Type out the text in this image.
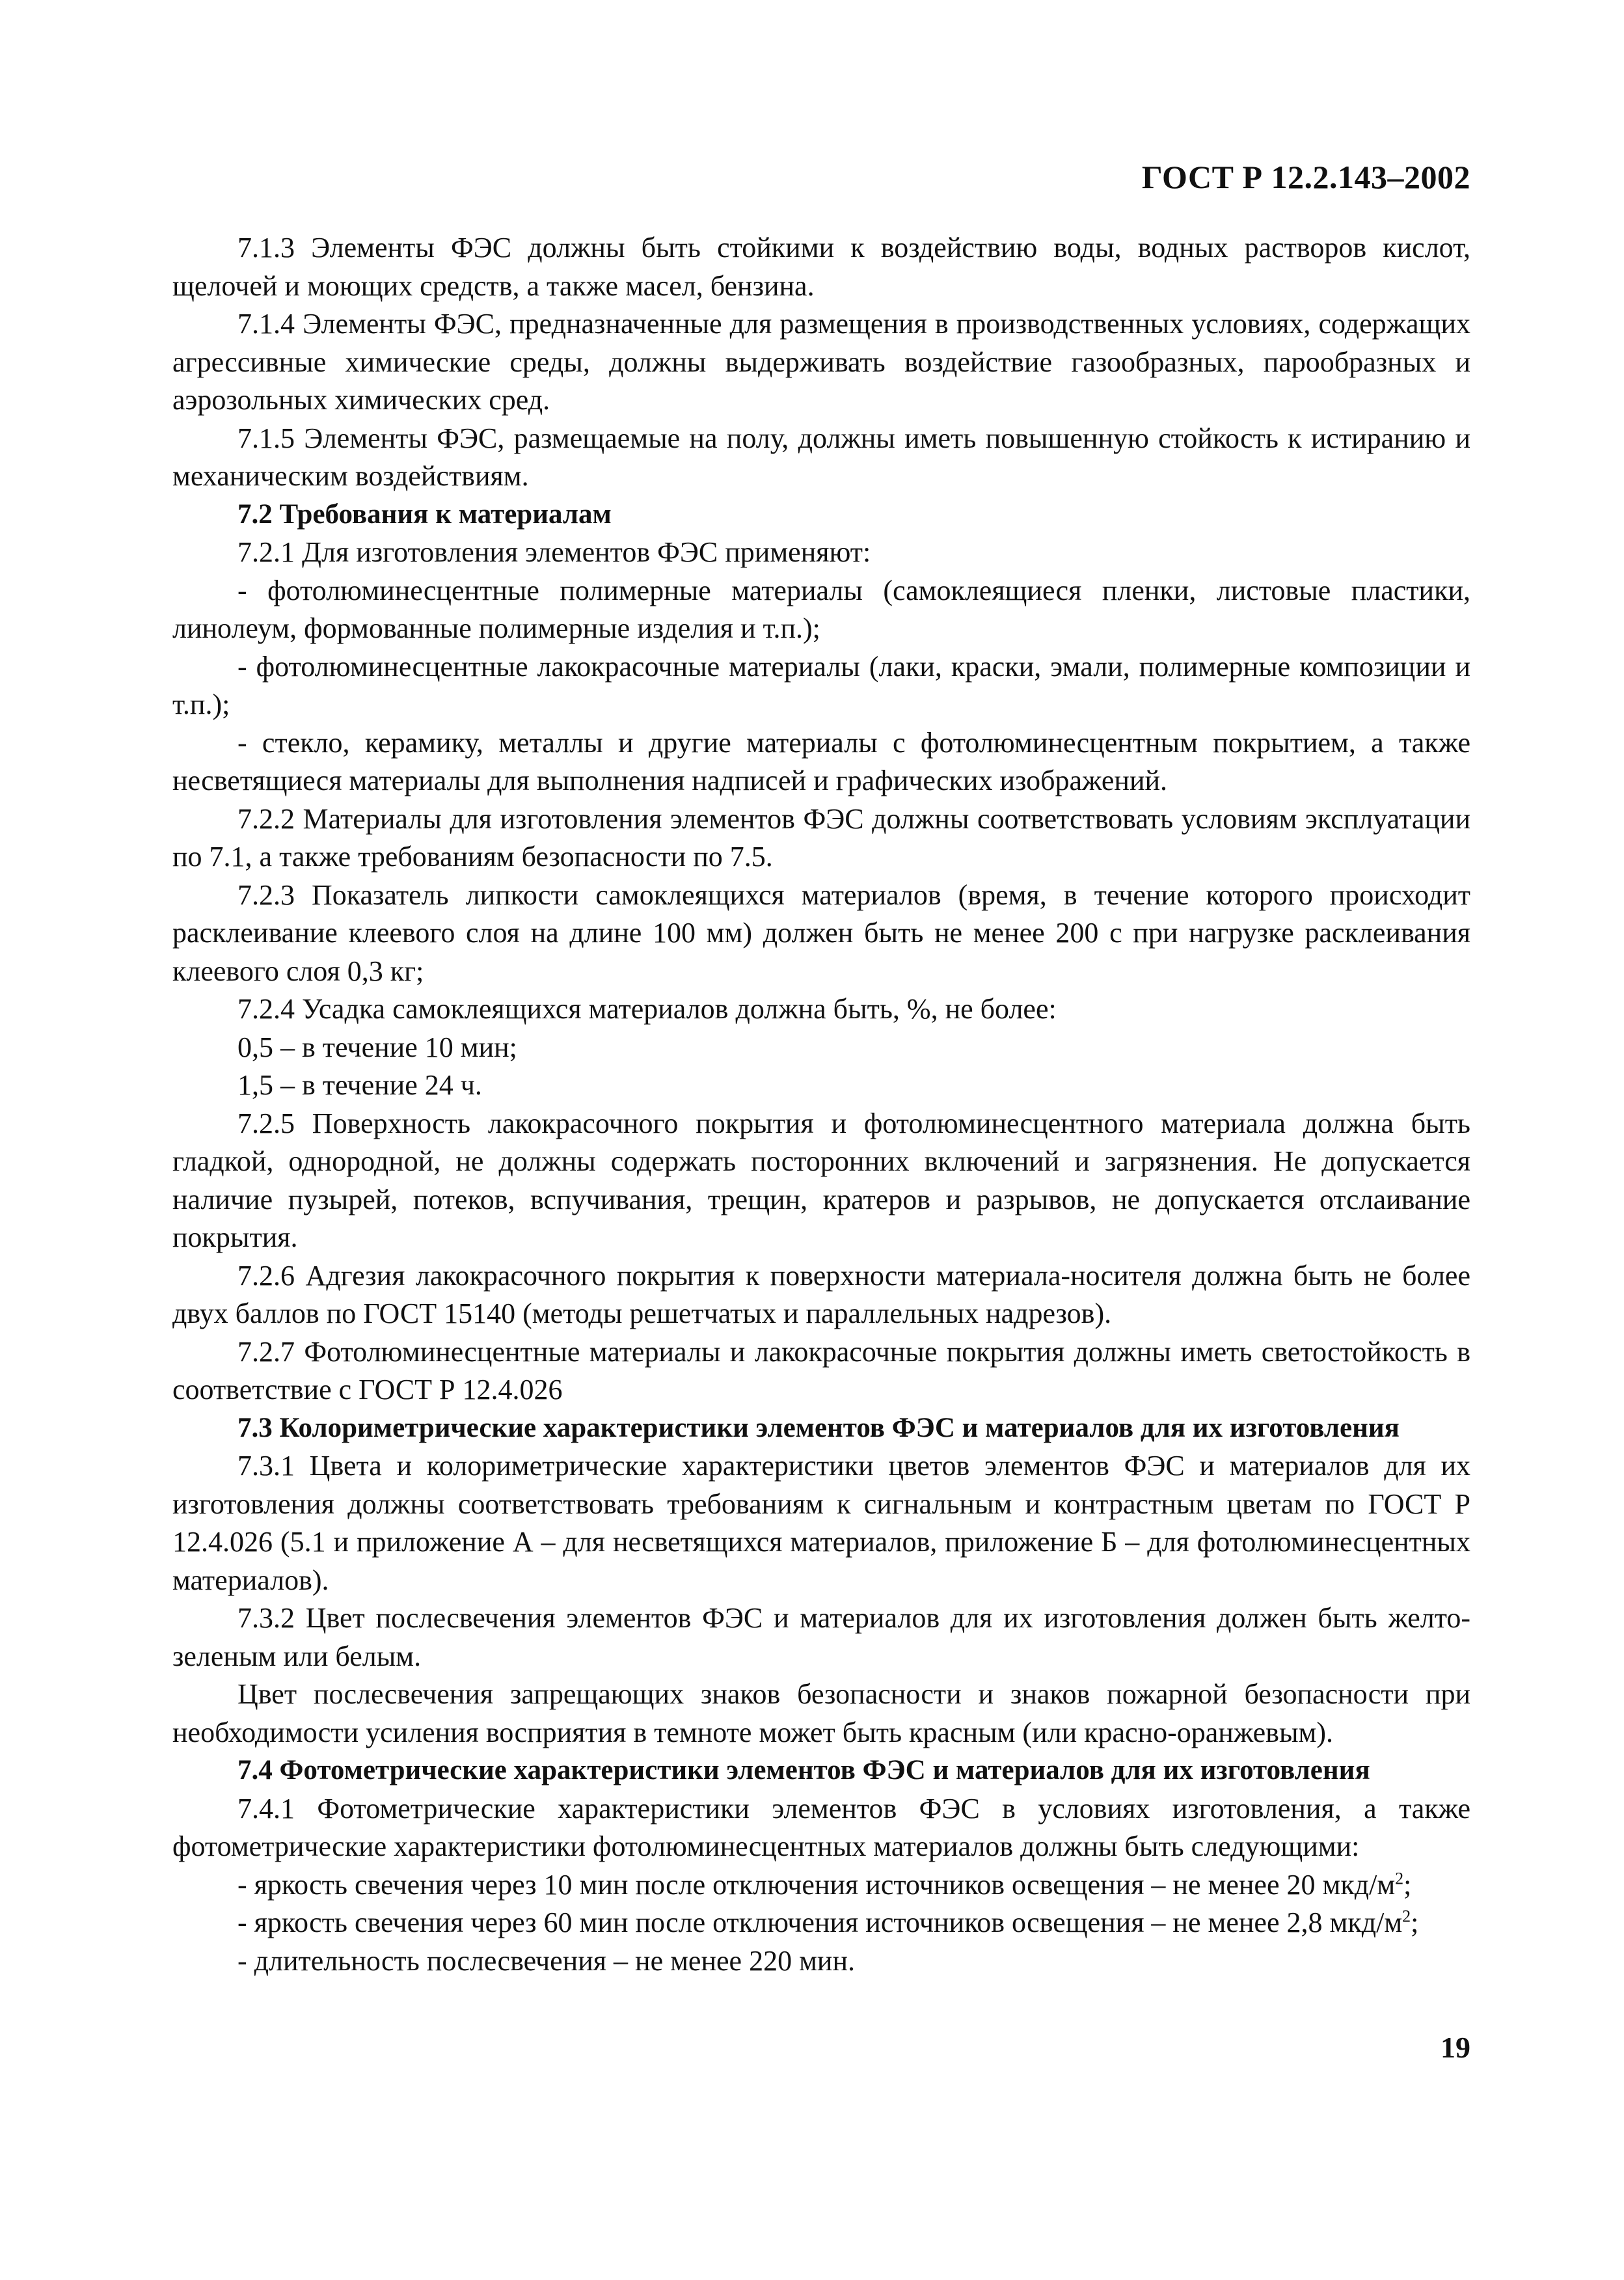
ГОСТ Р 12.2.143–2002

7.1.3 Элементы ФЭС должны быть стойкими к воздействию воды, водных растворов кислот, щелочей и моющих средств, а также масел, бензина.

7.1.4 Элементы ФЭС, предназначенные для размещения в производственных условиях, содержащих агрессивные химические среды, должны выдерживать воздействие газообразных, парообразных и аэрозольных химических сред.

7.1.5 Элементы ФЭС, размещаемые на полу, должны иметь повышенную стойкость к истиранию и механическим воздействиям.

7.2 Требования к материалам

7.2.1 Для изготовления элементов ФЭС применяют:

- фотолюминесцентные полимерные материалы (самоклеящиеся пленки, листовые пластики, линолеум, формованные полимерные изделия и т.п.);

- фотолюминесцентные лакокрасочные материалы (лаки, краски, эмали, полимерные композиции и т.п.);

- стекло, керамику, металлы и другие материалы с фотолюминесцентным покрытием, а также несветящиеся материалы для выполнения надписей и графических изображений.

7.2.2 Материалы для изготовления элементов ФЭС должны соответствовать условиям эксплуатации по 7.1, а также требованиям безопасности по 7.5.

7.2.3 Показатель липкости самоклеящихся материалов (время, в течение которого происходит расклеивание клеевого слоя на длине 100 мм) должен быть не менее 200 с при нагрузке расклеивания клеевого слоя 0,3 кг;

7.2.4 Усадка самоклеящихся материалов должна быть, %, не более:

0,5 – в течение 10 мин;

1,5 – в течение 24 ч.

7.2.5 Поверхность лакокрасочного покрытия и фотолюминесцентного материала должна быть гладкой, однородной, не должны содержать посторонних включений и загрязнения. Не допускается наличие пузырей, потеков, вспучивания, трещин, кратеров и разрывов, не допускается отслаивание покрытия.

7.2.6 Адгезия лакокрасочного покрытия к поверхности материала-носителя должна быть не более двух баллов по ГОСТ 15140 (методы решетчатых и параллельных надрезов).

7.2.7 Фотолюминесцентные материалы и лакокрасочные покрытия должны иметь светостойкость в соответствие с ГОСТ Р 12.4.026

7.3 Колориметрические характеристики элементов ФЭС и материалов для их изготовления

7.3.1 Цвета и колориметрические характеристики цветов элементов ФЭС и материалов для их изготовления должны соответствовать требованиям к сигнальным и контрастным цветам по ГОСТ Р 12.4.026 (5.1 и приложение А – для несветящихся материалов, приложение Б – для фотолюминесцентных материалов).

7.3.2 Цвет послесвечения элементов ФЭС и материалов для их изготовления должен быть желто-зеленым или белым.

Цвет послесвечения запрещающих знаков безопасности и знаков пожарной безопасности при необходимости усиления восприятия в темноте может быть красным (или красно-оранжевым).

7.4 Фотометрические характеристики элементов ФЭС и материалов для их изготовления

7.4.1 Фотометрические характеристики элементов ФЭС в условиях изготовления, а также фотометрические характеристики фотолюминесцентных материалов должны быть следующими:

- яркость свечения через 10 мин после отключения источников освещения – не менее 20 мкд/$м^2$;

- яркость свечения через 60 мин после отключения источников освещения – не менее 2,8 мкд/$м^2$;

- длительность послесвечения – не менее 220 мин.

19
